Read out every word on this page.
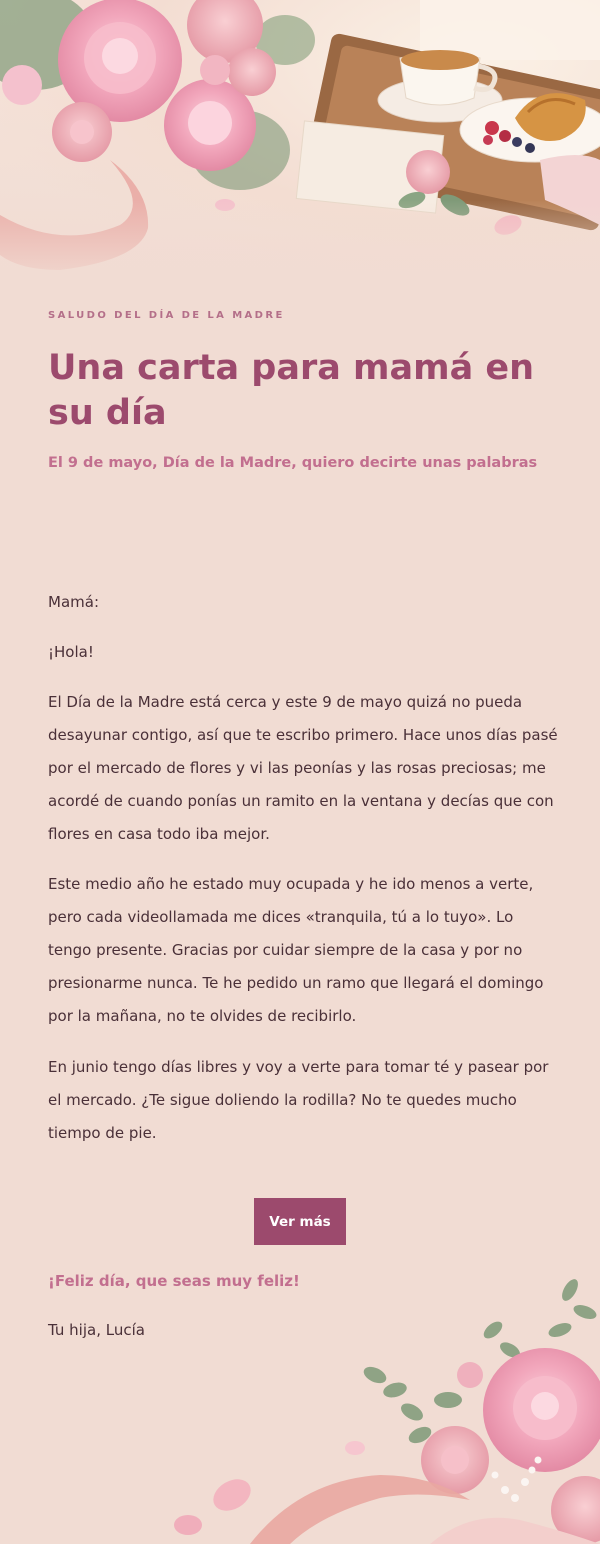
SALUDO DEL DÍA DE LA MADRE
Una carta para mamá en su día
El 9 de mayo, Día de la Madre, quiero decirte unas palabras

Mamá:

¡Hola!

El Día de la Madre está cerca y este 9 de mayo quizá no pueda desayunar contigo, así que te escribo primero. Hace unos días pasé por el mercado de flores y vi las peonías y las rosas preciosas; me acordé de cuando ponías un ramito en la ventana y decías que con flores en casa todo iba mejor.

Este medio año he estado muy ocupada y he ido menos a verte, pero cada videollamada me dices «tranquila, tú a lo tuyo». Lo tengo presente. Gracias por cuidar siempre de la casa y por no presionarme nunca. Te he pedido un ramo que llegará el domingo por la mañana, no te olvides de recibirlo.

En junio tengo días libres y voy a verte para tomar té y pasear por el mercado. ¿Te sigue doliendo la rodilla? No te quedes mucho tiempo de pie.

Ver más
¡Feliz día, que seas muy feliz!
Tu hija, Lucía
